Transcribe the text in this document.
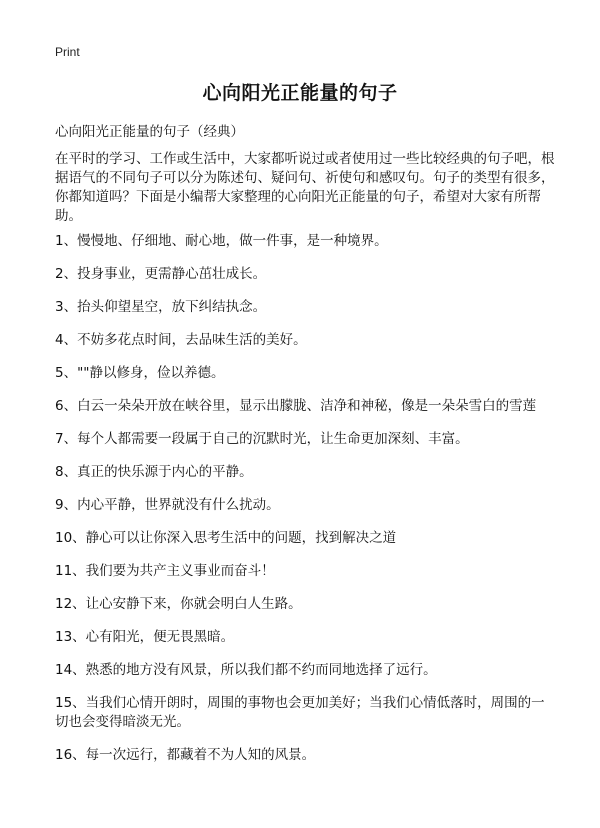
Print
心向阳光正能量的句子
心向阳光正能量的句子（经典）
在平时的学习、工作或生活中，大家都听说过或者使用过一些比较经典的句子吧，根据语气的不同句子可以分为陈述句、疑问句、祈使句和感叹句。句子的类型有很多，你都知道吗？下面是小编帮大家整理的心向阳光正能量的句子，希望对大家有所帮助。
1、慢慢地、仔细地、耐心地，做一件事，是一种境界。
2、投身事业，更需静心茁壮成长。
3、抬头仰望星空，放下纠结执念。
4、不妨多花点时间，去品味生活的美好。
5、""静以修身，俭以养德。
6、白云一朵朵开放在峡谷里，显示出朦胧、洁净和神秘，像是一朵朵雪白的雪莲
7、每个人都需要一段属于自己的沉默时光，让生命更加深刻、丰富。
8、真正的快乐源于内心的平静。
9、内心平静，世界就没有什么扰动。
10、静心可以让你深入思考生活中的问题，找到解决之道
11、我们要为共产主义事业而奋斗！
12、让心安静下来，你就会明白人生路。
13、心有阳光，便无畏黑暗。
14、熟悉的地方没有风景，所以我们都不约而同地选择了远行。
15、当我们心情开朗时，周围的事物也会更加美好；当我们心情低落时，周围的一切也会变得暗淡无光。
16、每一次远行，都藏着不为人知的风景。
